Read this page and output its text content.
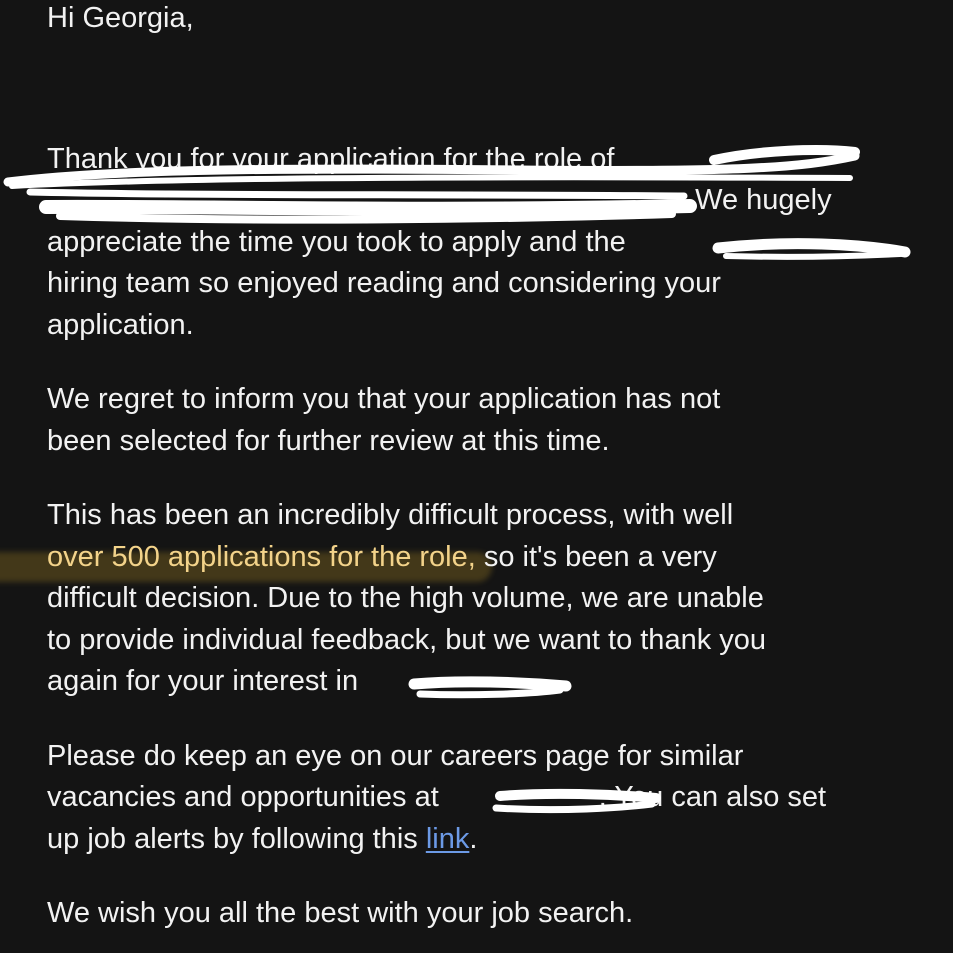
Hi Georgia,

Thank you for your application for the role of
. We hugely
appreciate the time you took to apply and the
hiring team so enjoyed reading and considering your
application.
We regret to inform you that your application has not
been selected for further review at this time.
This has been an incredibly difficult process, with well
over 500 applications for the role, so it's been a very
difficult decision. Due to the high volume, we are unable
to provide individual feedback, but we want to thank you
again for your interest in
Please do keep an eye on our careers page for similar
vacancies and opportunities at	. You can also set
up job alerts by following this link.
We wish you all the best with your job search.
